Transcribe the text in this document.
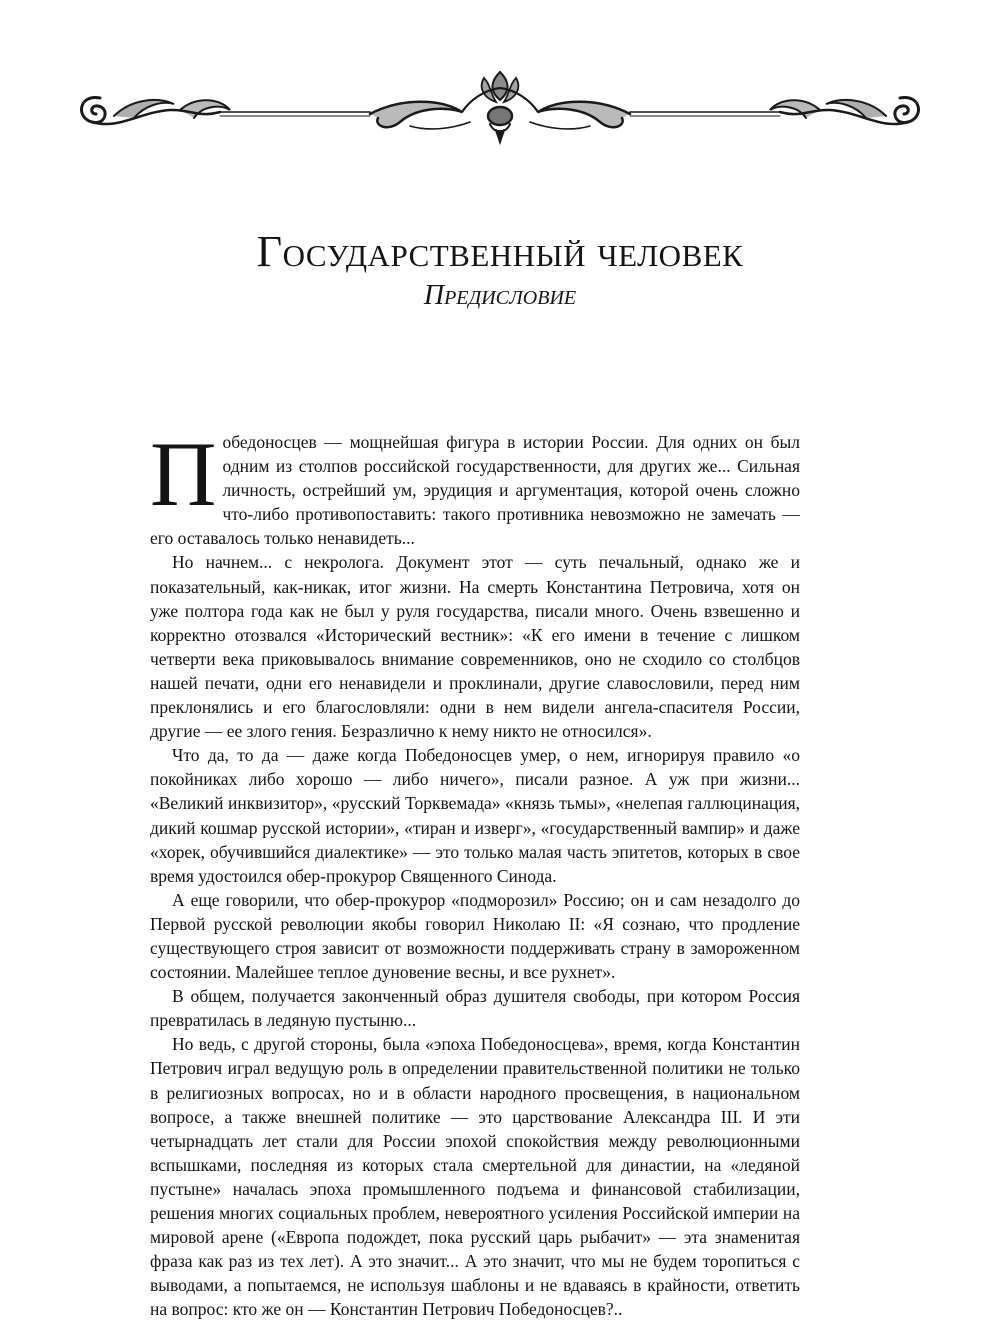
Государственный человек
Предисловие

Победоносцев — мощнейшая фигура в истории России. Для одних он был одним из столпов российской государственности, для других же... Сильная личность, острейший ум, эрудиция и аргументация, которой очень сложно что-либо противопоставить: такого противника невозможно не замечать — его оставалось только ненавидеть...

Но начнем... с некролога. Документ этот — суть печальный, однако же и показательный, как-никак, итог жизни. На смерть Константина Петровича, хотя он уже полтора года как не был у руля государства, писали много. Очень взвешенно и корректно отозвался «Исторический вестник»: «К его имени в течение с лишком четверти века приковывалось внимание современников, оно не сходило со столбцов нашей печати, одни его ненавидели и проклинали, другие славословили, перед ним преклонялись и его благословляли: одни в нем видели ангела-спасителя России, другие — ее злого гения. Безразлично к нему никто не относился».

Что да, то да — даже когда Победоносцев умер, о нем, игнорируя правило «о покойниках либо хорошо — либо ничего», писали разное. А уж при жизни... «Великий инквизитор», «русский Торквемада» «князь тьмы», «нелепая галлюцинация, дикий кошмар русской истории», «тиран и изверг», «государственный вампир» и даже «хорек, обучившийся диалектике» — это только малая часть эпитетов, которых в свое время удостоился обер-прокурор Священного Синода.

А еще говорили, что обер-прокурор «подморозил» Россию; он и сам незадолго до Первой русской революции якобы говорил Николаю II: «Я сознаю, что продление существующего строя зависит от возможности поддерживать страну в замороженном состоянии. Малейшее теплое дуновение весны, и все рухнет».

В общем, получается законченный образ душителя свободы, при котором Россия превратилась в ледяную пустыню...

Но ведь, с другой стороны, была «эпоха Победоносцева», время, когда Константин Петрович играл ведущую роль в определении правительственной политики не только в религиозных вопросах, но и в области народного просвещения, в национальном вопросе, а также внешней политике — это царствование Александра III. И эти четырнадцать лет стали для России эпохой спокойствия между революционными вспышками, последняя из которых стала смертельной для династии, на «ледяной пустыне» началась эпоха промышленного подъема и финансовой стабилизации, решения многих социальных проблем, невероятного усиления Российской империи на мировой арене («Европа подождет, пока русский царь рыбачит» — эта знаменитая фраза как раз из тех лет). А это значит... А это значит, что мы не будем торопиться с выводами, а попытаемся, не используя шаблоны и не вдаваясь в крайности, ответить на вопрос: кто же он — Константин Петрович Победоносцев?..
